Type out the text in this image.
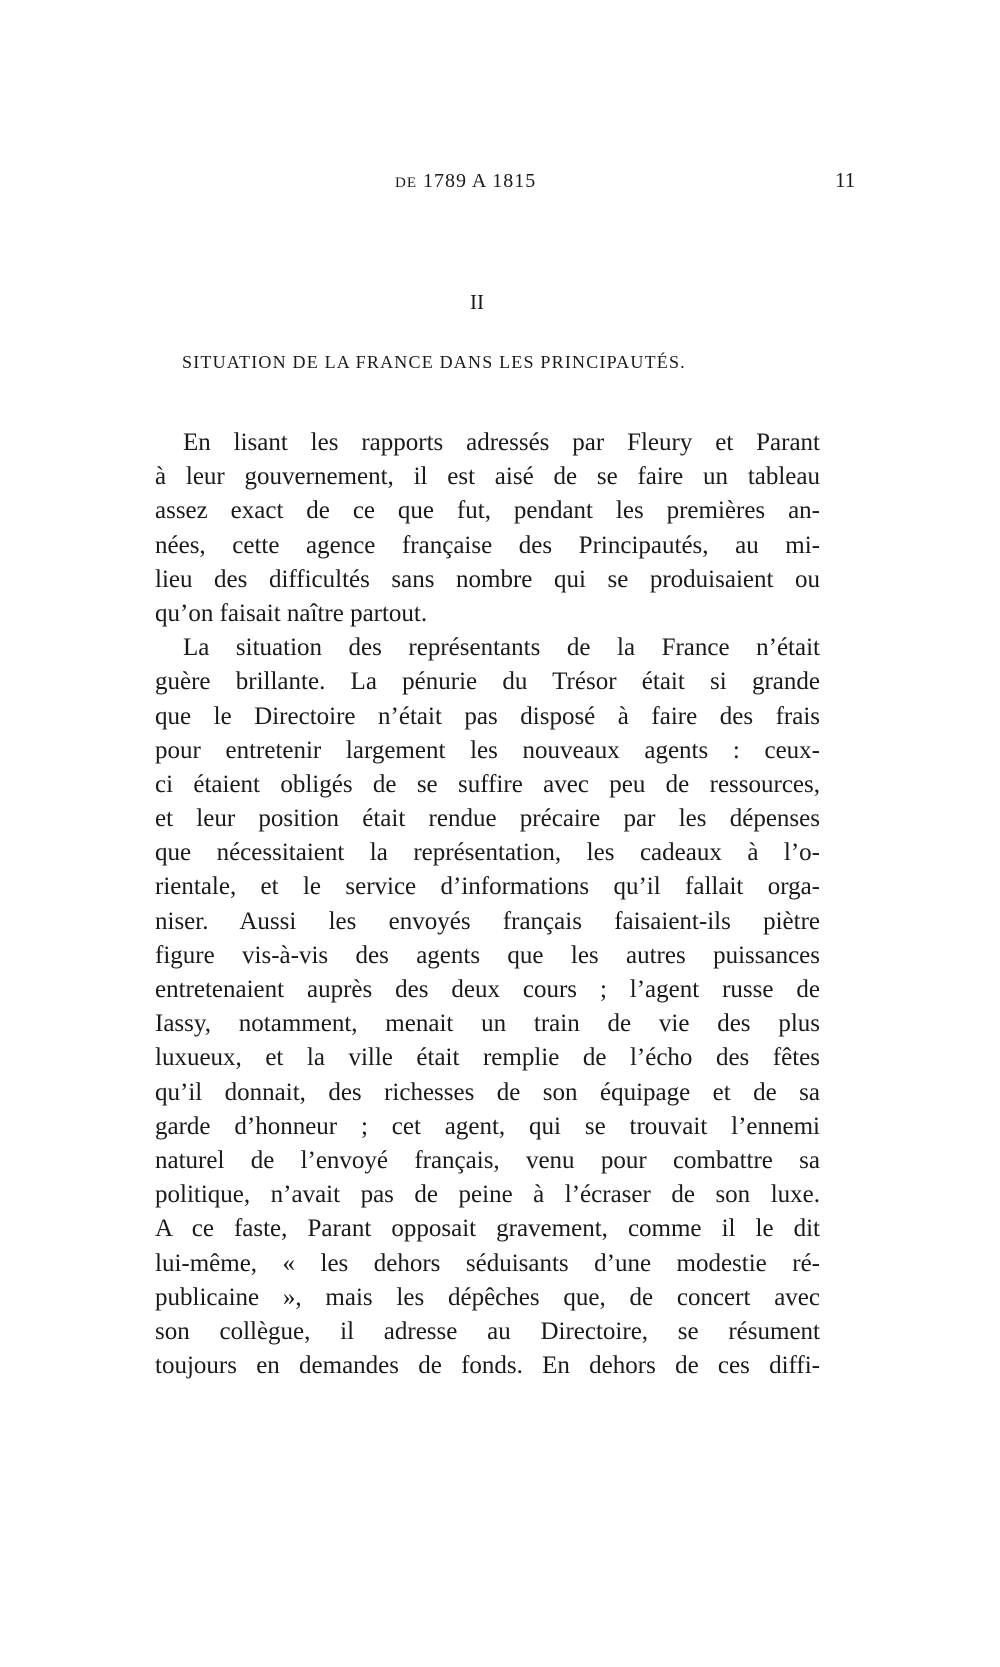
DE 1789 A 1815	11
II
SITUATION DE LA FRANCE DANS LES PRINCIPAUTÉS.
En lisant les rapports adressés par Fleury et Parant
à leur gouvernement, il est aisé de se faire un tableau
assez exact de ce que fut, pendant les premières an-
nées, cette agence française des Principautés, au mi-
lieu des difficultés sans nombre qui se produisaient ou
qu’on faisait naître partout.
La situation des représentants de la France n’était
guère brillante. La pénurie du Trésor était si grande
que le Directoire n’était pas disposé à faire des frais
pour entretenir largement les nouveaux agents : ceux-
ci étaient obligés de se suffire avec peu de ressources,
et leur position était rendue précaire par les dépenses
que nécessitaient la représentation, les cadeaux à l’o-
rientale, et le service d’informations qu’il fallait orga-
niser. Aussi les envoyés français faisaient-ils piètre
figure vis-à-vis des agents que les autres puissances
entretenaient auprès des deux cours ; l’agent russe de
Iassy, notamment, menait un train de vie des plus
luxueux, et la ville était remplie de l’écho des fêtes
qu’il donnait, des richesses de son équipage et de sa
garde d’honneur ; cet agent, qui se trouvait l’ennemi
naturel de l’envoyé français, venu pour combattre sa
politique, n’avait pas de peine à l’écraser de son luxe.
A ce faste, Parant opposait gravement, comme il le dit
lui-même, « les dehors séduisants d’une modestie ré-
publicaine », mais les dépêches que, de concert avec
son collègue, il adresse au Directoire, se résument
toujours en demandes de fonds. En dehors de ces diffi-
